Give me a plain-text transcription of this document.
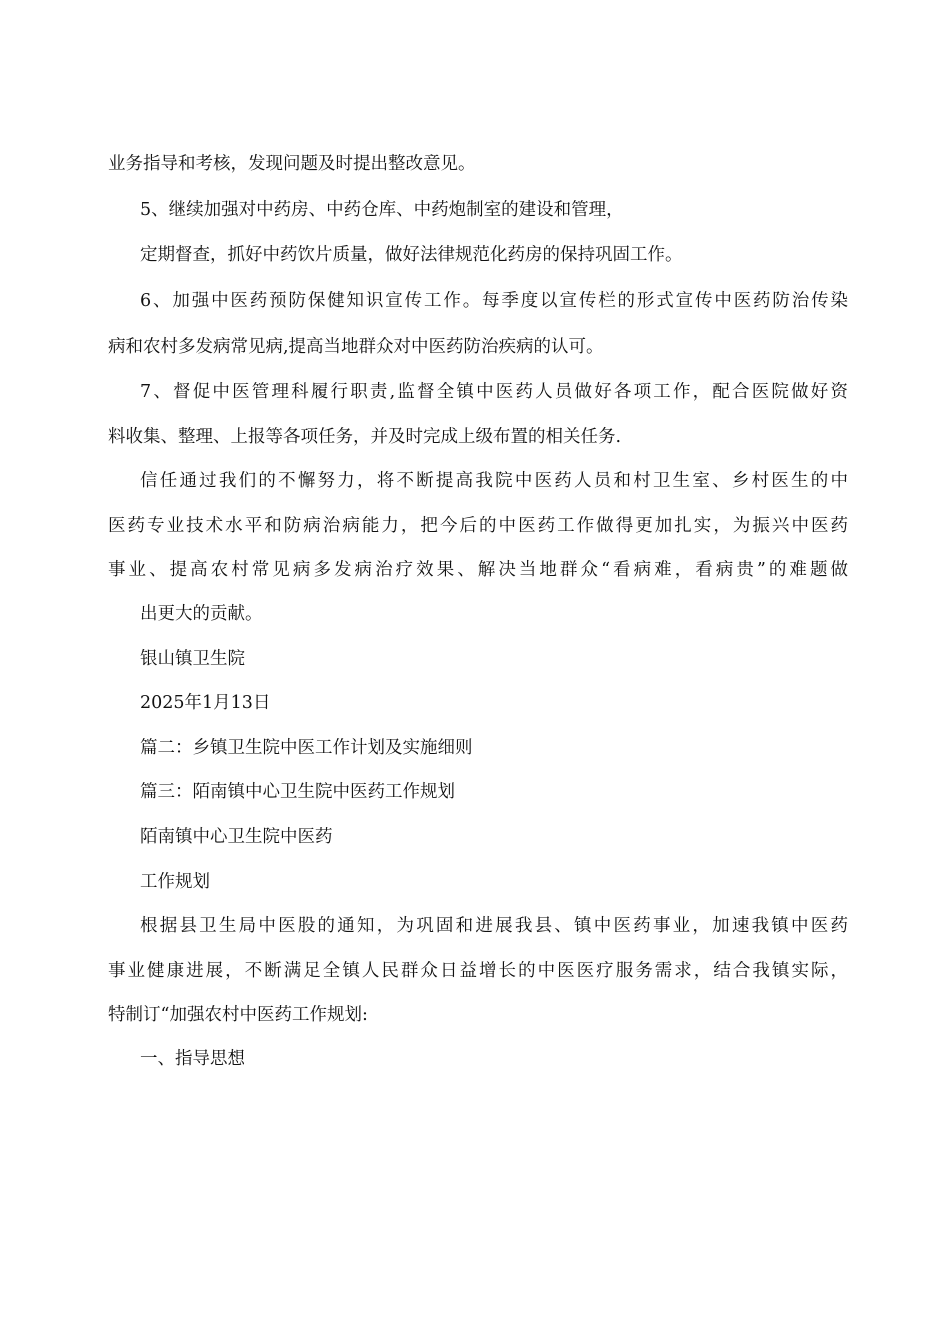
业务指导和考核，发现问题及时提出整改意见。
5、继续加强对中药房、中药仓库、中药炮制室的建设和管理，
定期督查，抓好中药饮片质量，做好法律规范化药房的保持巩固工作。
6、加强中医药预防保健知识宣传工作。每季度以宣传栏的形式宣传中医药防治传染
病和农村多发病常见病,提高当地群众对中医药防治疾病的认可。
7、督促中医管理科履行职责,监督全镇中医药人员做好各项工作，配合医院做好资
料收集、整理、上报等各项任务，并及时完成上级布置的相关任务.
信任通过我们的不懈努力，将不断提高我院中医药人员和村卫生室、乡村医生的中
医药专业技术水平和防病治病能力，把今后的中医药工作做得更加扎实，为振兴中医药
事业、提高农村常见病多发病治疗效果、解决当地群众“看病难，看病贵”的难题做
出更大的贡献。
银山镇卫生院
2025年1月13日
篇二：乡镇卫生院中医工作计划及实施细则
篇三：陌南镇中心卫生院中医药工作规划
陌南镇中心卫生院中医药
工作规划
根据县卫生局中医股的通知，为巩固和进展我县、镇中医药事业，加速我镇中医药
事业健康进展，不断满足全镇人民群众日益增长的中医医疗服务需求，结合我镇实际，
特制订“加强农村中医药工作规划:
一、指导思想
